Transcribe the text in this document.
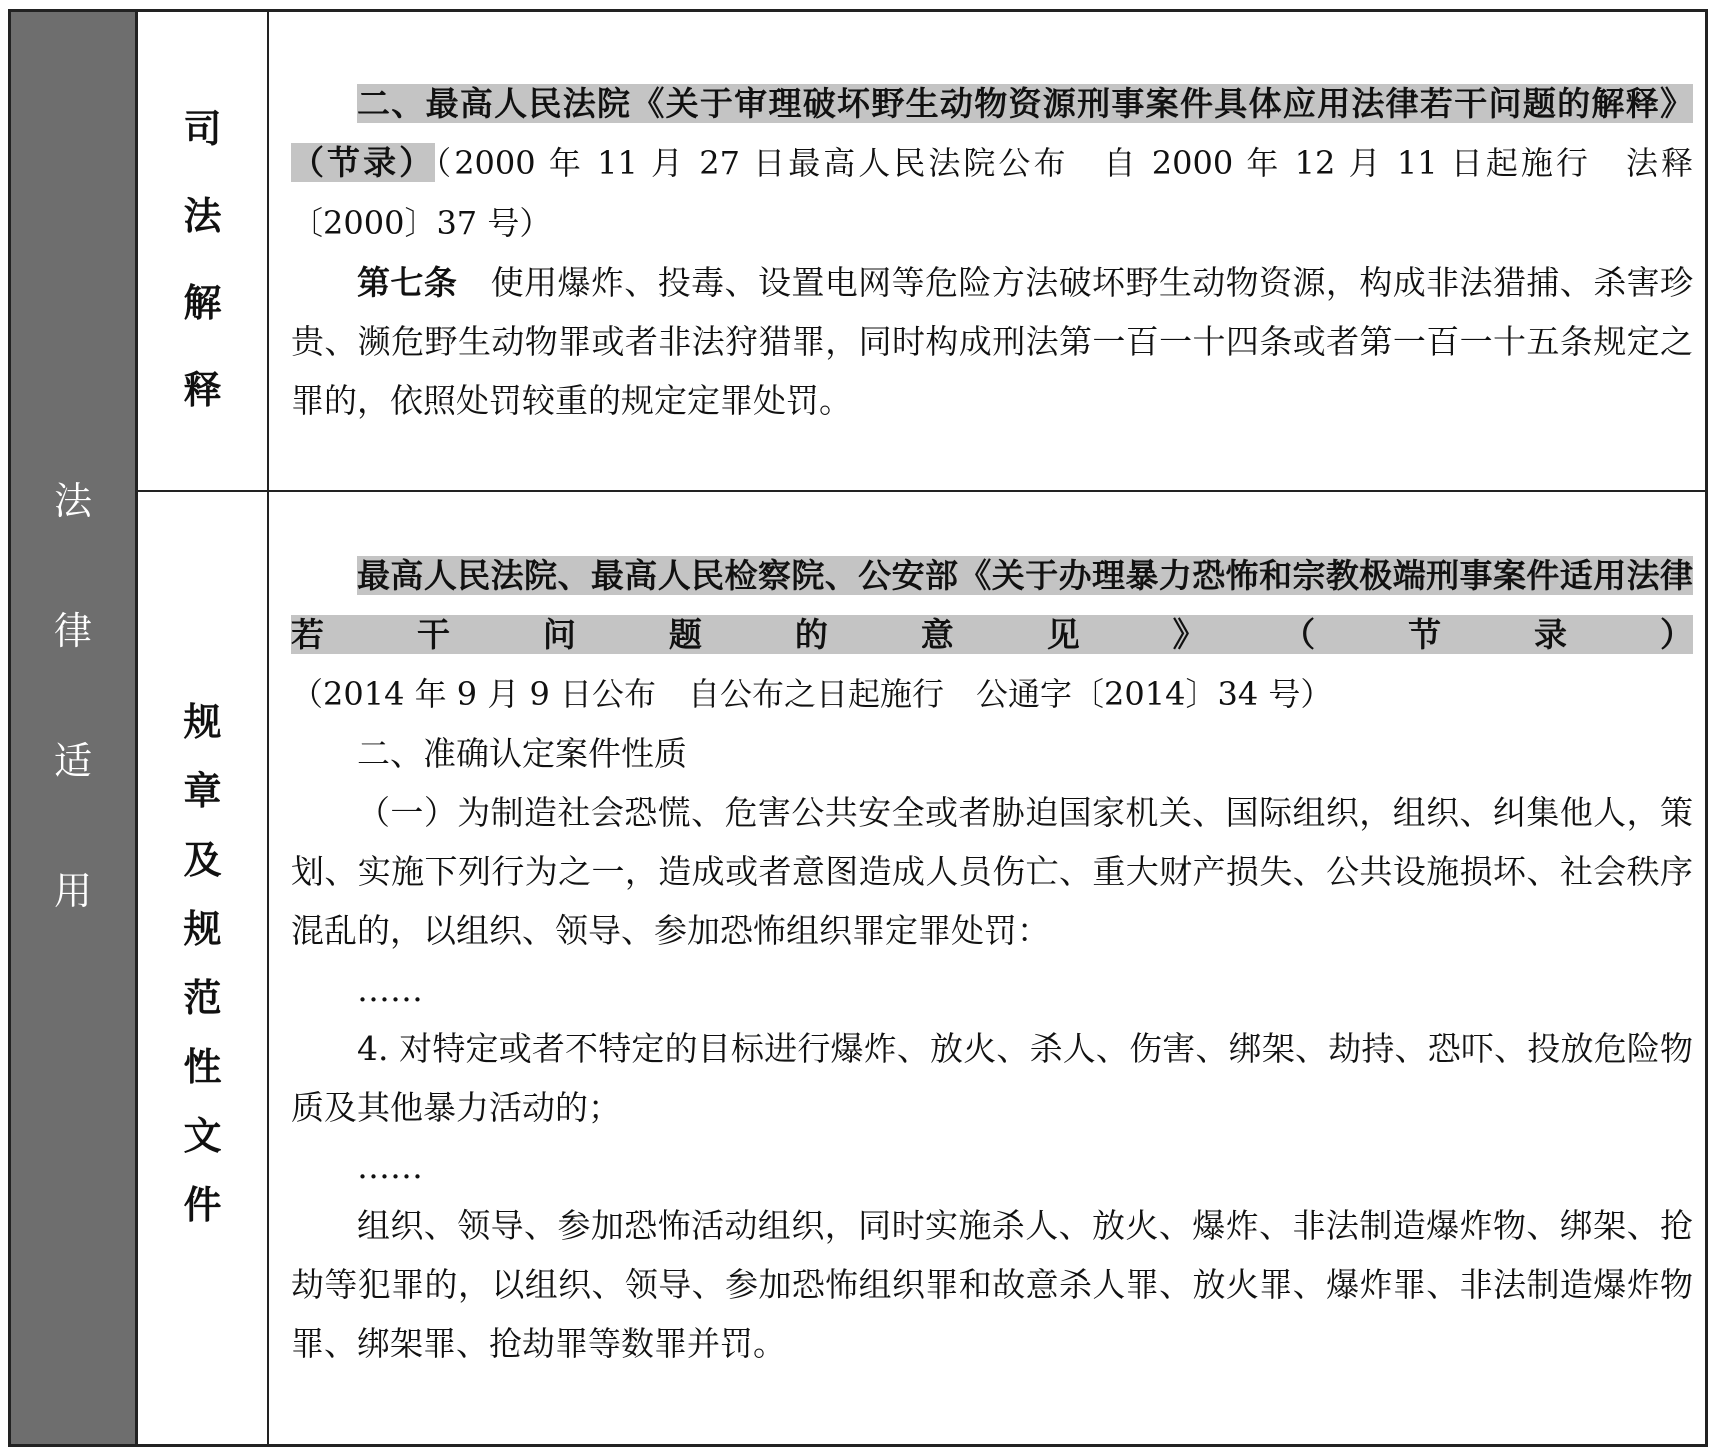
法
律
适
用
司
法
解
释

二、最高人民法院《关于审理破坏野生动物资源刑事案件具体应用法律若干问题的解释》（节录）（2000 年 11 月 27 日最高人民法院公布　自 2000 年 12 月 11 日起施行　法释〔2000〕37 号）

第七条　 使用爆炸、投毒、设置电网等危险方法破坏野生动物资源，构成非法猎捕、杀害珍贵、濒危野生动物罪或者非法狩猎罪，同时构成刑法第一百一十四条或者第一百一十五条规定之罪的，依照处罚较重的规定定罪处罚。

规
章
及
规
范
性
文
件

最高人民法院、最高人民检察院、公安部《关于办理暴力恐怖和宗教极端刑事案件适用法律若干问题的意见》（节录）（2014 年 9 月 9 日公布　自公布之日起施行　公通字〔2014〕34 号）

二、准确认定案件性质

（一）为制造社会恐慌、危害公共安全或者胁迫国家机关、国际组织，组织、纠集他人，策划、实施下列行为之一，造成或者意图造成人员伤亡、重大财产损失、公共设施损坏、社会秩序混乱的，以组织、领导、参加恐怖组织罪定罪处罚：

……

4. 对特定或者不特定的目标进行爆炸、放火、杀人、伤害、绑架、劫持、恐吓、投放危险物质及其他暴力活动的；

……

组织、领导、参加恐怖活动组织，同时实施杀人、放火、爆炸、非法制造爆炸物、绑架、抢劫等犯罪的，以组织、领导、参加恐怖组织罪和故意杀人罪、放火罪、爆炸罪、非法制造爆炸物罪、绑架罪、抢劫罪等数罪并罚。
